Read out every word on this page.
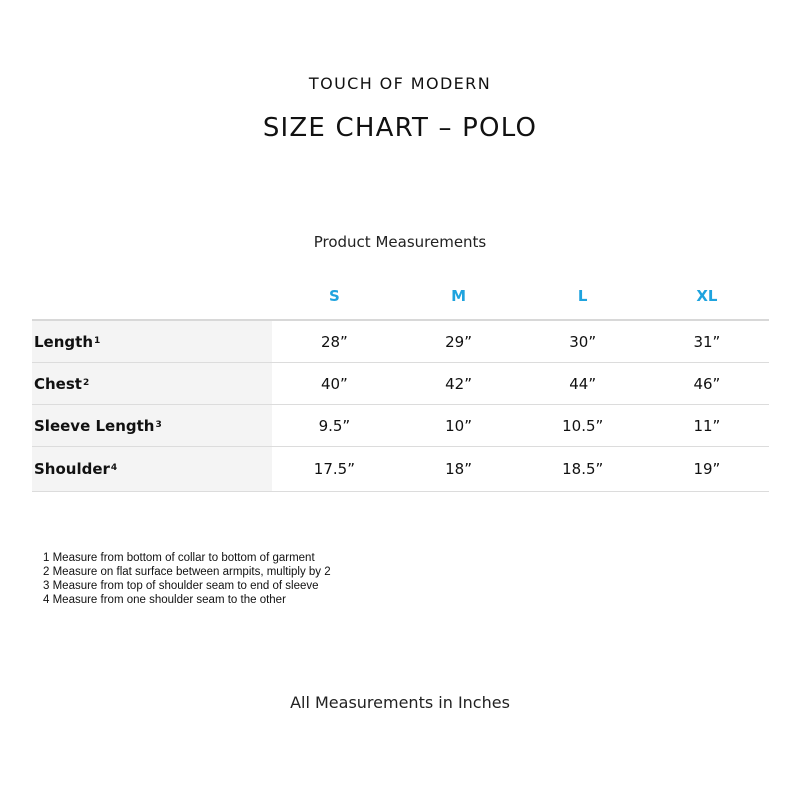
TOUCH OF MODERN
SIZE CHART – POLO
Product Measurements
	S	M	L	XL
Length$^1$	28”	29”	30”	31”
Chest$^2$	40”	42”	44”	46”
Sleeve Length$^3$	9.5”	10”	10.5”	11”
Shoulder$^4$	17.5”	18”	18.5”	19”
1 Measure from bottom of collar to bottom of garment
2 Measure on flat surface between armpits, multiply by 2
3 Measure from top of shoulder seam to end of sleeve
4 Measure from one shoulder seam to the other
All Measurements in Inches
